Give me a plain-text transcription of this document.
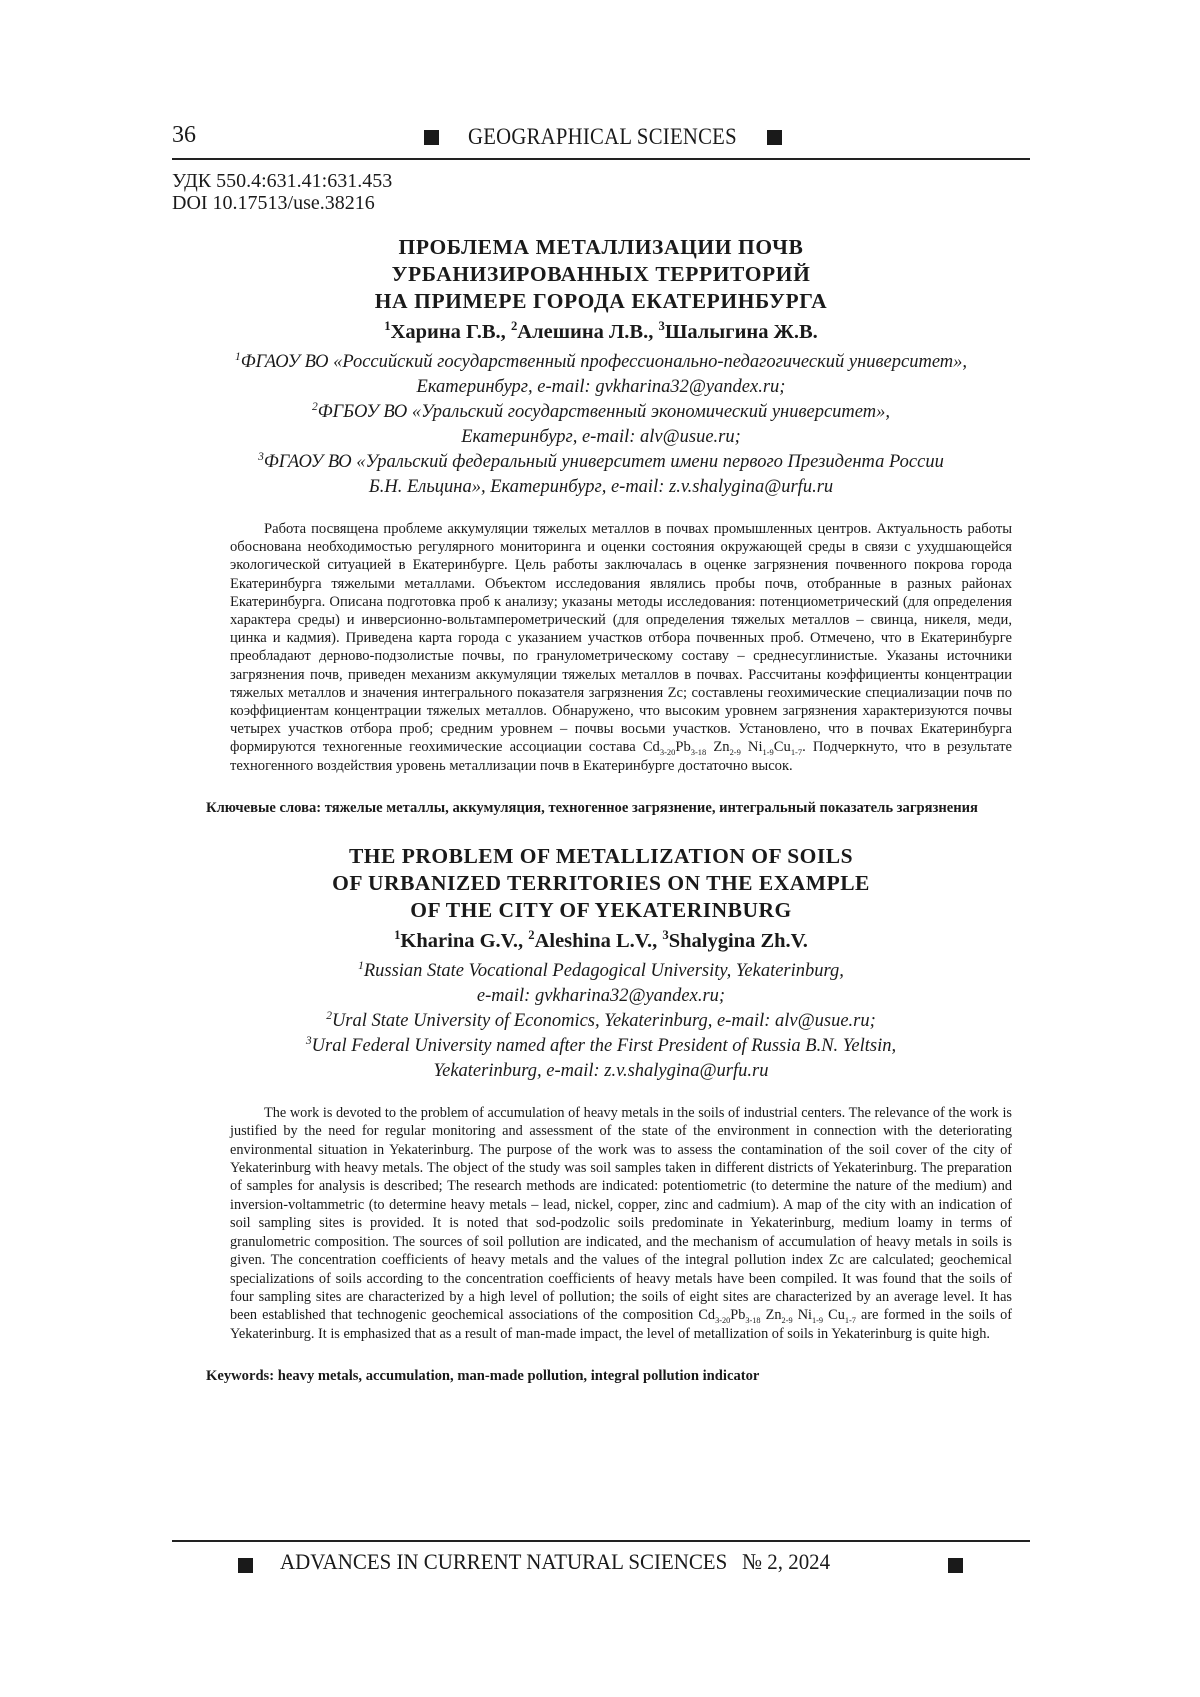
36	GEOGRAPHICAL SCIENCES
УДК 550.4:631.41:631.453
DOI 10.17513/use.38216
ПРОБЛЕМА МЕТАЛЛИЗАЦИИ ПОЧВ
УРБАНИЗИРОВАННЫХ ТЕРРИТОРИЙ
НА ПРИМЕРЕ ГОРОДА ЕКАТЕРИНБУРГА
1Харина Г.В., 2Алешина Л.В., 3Шалыгина Ж.В.
1ФГАОУ ВО «Российский государственный профессионально-педагогический университет»,
Екатеринбург, e-mail: gvkharina32@yandex.ru;
2ФГБОУ ВО «Уральский государственный экономический университет»,
Екатеринбург, e-mail: alv@usue.ru;
3ФГАОУ ВО «Уральский федеральный университет имени первого Президента России
Б.Н. Ельцина», Екатеринбург, e-mail: z.v.shalygina@urfu.ru

Работа посвящена проблеме аккумуляции тяжелых металлов в почвах промышленных центров. Актуальность работы обоснована необходимостью регулярного мониторинга и оценки состояния окружающей среды в связи с ухудшающейся экологической ситуацией в Екатеринбурге. Цель работы заключалась в оценке загрязнения почвенного покрова города Екатеринбурга тяжелыми металлами. Объектом исследования являлись пробы почв, отобранные в разных районах Екатеринбурга. Описана подготовка проб к анализу; указаны методы исследования: потенциометрический (для определения характера среды) и инверсионно-вольтамперометрический (для определения тяжелых металлов – свинца, никеля, меди, цинка и кадмия). Приведена карта города с указанием участков отбора почвенных проб. Отмечено, что в Екатеринбурге преобладают дерново-подзолистые почвы, по гранулометрическому составу – среднесуглинистые. Указаны источники загрязнения почв, приведен механизм аккумуляции тяжелых металлов в почвах. Рассчитаны коэффициенты концентрации тяжелых металлов и значения интегрального показателя загрязнения Zc; составлены геохимические специализации почв по коэффициентам концентрации тяжелых металлов. Обнаружено, что высоким уровнем загрязнения характеризуются почвы четырех участков отбора проб; средним уровнем – почвы восьми участков. Установлено, что в почвах Екатеринбурга формируются техногенные геохимические ассоциации состава Cd3-20Pb3-18 Zn2-9 Ni1-9Cu1-7. Подчеркнуто, что в результате техногенного воздействия уровень металлизации почв в Екатеринбурге достаточно высок.

Ключевые слова: тяжелые металлы, аккумуляция, техногенное загрязнение, интегральный показатель загрязнения
THE PROBLEM OF METALLIZATION OF SOILS
OF URBANIZED TERRITORIES ON THE EXAMPLE
OF THE CITY OF YEKATERINBURG
1Kharina G.V., 2Aleshina L.V., 3Shalygina Zh.V.
1Russian State Vocational Pedagogical University, Yekaterinburg,
e-mail: gvkharina32@yandex.ru;
2Ural State University of Economics, Yekaterinburg, e-mail: alv@usue.ru;
3Ural Federal University named after the First President of Russia B.N. Yeltsin,
Yekaterinburg, e-mail: z.v.shalygina@urfu.ru

The work is devoted to the problem of accumulation of heavy metals in the soils of industrial centers. The relevance of the work is justified by the need for regular monitoring and assessment of the state of the environment in connection with the deteriorating environmental situation in Yekaterinburg. The purpose of the work was to assess the contamination of the soil cover of the city of Yekaterinburg with heavy metals. The object of the study was soil samples taken in different districts of Yekaterinburg. The preparation of samples for analysis is described; The research methods are indicated: potentiometric (to determine the nature of the medium) and inversion-voltammetric (to determine heavy metals – lead, nickel, copper, zinc and cadmium). A map of the city with an indication of soil sampling sites is provided. It is noted that sod-podzolic soils predominate in Yekaterinburg, medium loamy in terms of granulometric composition. The sources of soil pollution are indicated, and the mechanism of accumulation of heavy metals in soils is given. The concentration coefficients of heavy metals and the values of the integral pollution index Zc are calculated; geochemical specializations of soils according to the concentration coefficients of heavy metals have been compiled. It was found that the soils of four sampling sites are characterized by a high level of pollution; the soils of eight sites are characterized by an average level. It has been established that technogenic geochemical associations of the composition Cd3-20Pb3-18 Zn2-9 Ni1-9 Cu1-7 are formed in the soils of Yekaterinburg. It is emphasized that as a result of man-made impact, the level of metallization of soils in Yekaterinburg is quite high.

Keywords: heavy metals, accumulation, man-made pollution, integral pollution indicator
ADVANCES IN CURRENT NATURAL SCIENCES № 2, 2024
